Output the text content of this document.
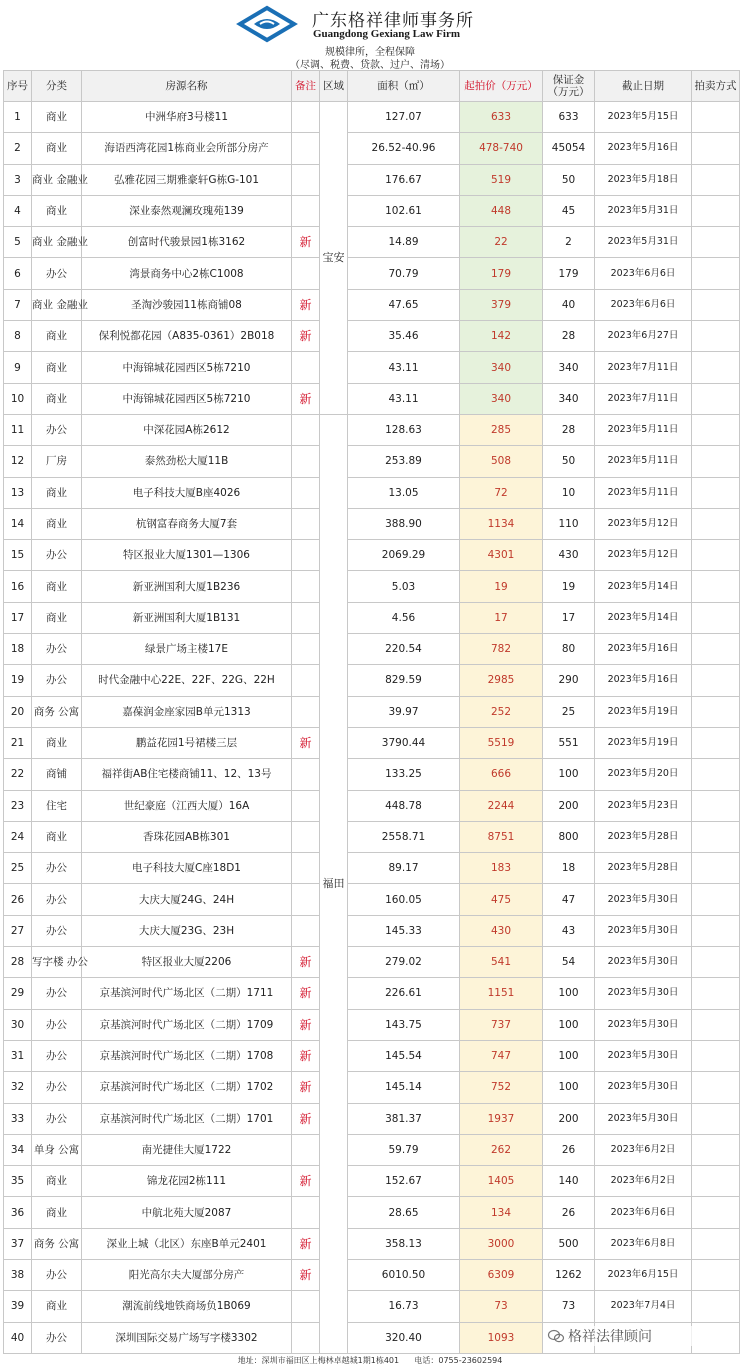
广东格祥律师事务所
Guangdong Gexiang Law Firm
规模律所，全程保障
（尽调、税费、贷款、过户、清场）
序号	分类	房源名称	备注	区域	面积（㎡）	起拍价（万元）	保证金（万元）	截止日期	拍卖方式
1	商业	中洲华府3号楼11		宝安	127.07	633	633	2023年5月15日	
2	商业	海语西湾花园1栋商业会所部分房产			26.52-40.96	478-740	45054	2023年5月16日	
3	商业 金融业	弘雅花园三期雅豪轩G栋G-101			176.67	519	50	2023年5月18日	
4	商业	深业泰然观澜玫瑰苑139			102.61	448	45	2023年5月31日	
5	商业 金融业	创富时代骏景园1栋3162	新		14.89	22	2	2023年5月31日	
6	办公	湾景商务中心2栋C1008			70.79	179	179	2023年6月6日	
7	商业 金融业	圣淘沙骏园11栋商铺08	新		47.65	379	40	2023年6月6日	
8	商业	保利悦都花园（A835-0361）2B018	新		35.46	142	28	2023年6月27日	
9	商业	中海锦城花园西区5栋7210			43.11	340	340	2023年7月11日	
10	商业	中海锦城花园西区5栋7210	新		43.11	340	340	2023年7月11日	
11	办公	中深花园A栋2612		福田	128.63	285	28	2023年5月11日	
12	厂房	泰然劲松大厦11B			253.89	508	50	2023年5月11日	
13	商业	电子科技大厦B座4026			13.05	72	10	2023年5月11日	
14	商业	杭钢富春商务大厦7套			388.90	1134	110	2023年5月12日	
15	办公	特区报业大厦1301—1306			2069.29	4301	430	2023年5月12日	
16	商业	新亚洲国利大厦1B236			5.03	19	19	2023年5月14日	
17	商业	新亚洲国利大厦1B131			4.56	17	17	2023年5月14日	
18	办公	绿景广场主楼17E			220.54	782	80	2023年5月16日	
19	办公	时代金融中心22E、22F、22G、22H			829.59	2985	290	2023年5月16日	
20	商务 公寓	嘉葆润金座家园B单元1313			39.97	252	25	2023年5月19日	
21	商业	鹏益花园1号裙楼三层	新		3790.44	5519	551	2023年5月19日	
22	商铺	福祥街AB住宅楼商铺11、12、13号			133.25	666	100	2023年5月20日	
23	住宅	世纪豪庭（江西大厦）16A			448.78	2244	200	2023年5月23日	
24	商业	香珠花园AB栋301			2558.71	8751	800	2023年5月28日	
25	办公	电子科技大厦C座18D1			89.17	183	18	2023年5月28日	
26	办公	大庆大厦24G、24H			160.05	475	47	2023年5月30日	
27	办公	大庆大厦23G、23H			145.33	430	43	2023年5月30日	
28	写字楼 办公	特区报业大厦2206	新		279.02	541	54	2023年5月30日	
29	办公	京基滨河时代广场北区（二期）1711	新		226.61	1151	100	2023年5月30日	
30	办公	京基滨河时代广场北区（二期）1709	新		143.75	737	100	2023年5月30日	
31	办公	京基滨河时代广场北区（二期）1708	新		145.54	747	100	2023年5月30日	
32	办公	京基滨河时代广场北区（二期）1702	新		145.14	752	100	2023年5月30日	
33	办公	京基滨河时代广场北区（二期）1701	新		381.37	1937	200	2023年5月30日	
34	单身 公寓	南光捷佳大厦1722			59.79	262	26	2023年6月2日	
35	商业	锦龙花园2栋111	新		152.67	1405	140	2023年6月2日	
36	商业	中航北苑大厦2087			28.65	134	26	2023年6月6日	
37	商务 公寓	深业上城（北区）东座B单元2401	新		358.13	3000	500	2023年6月8日	
38	办公	阳光高尔夫大厦部分房产	新		6010.50	6309	1262	2023年6月15日	
39	商业	潮流前线地铁商场负1B069			16.73	73	73	2023年7月4日	
40	办公	深圳国际交易广场写字楼3302			320.40	1093			
地址：深圳市福田区上梅林卓越城1期1栋401 电话：0755-23602594
格祥法律顾问
